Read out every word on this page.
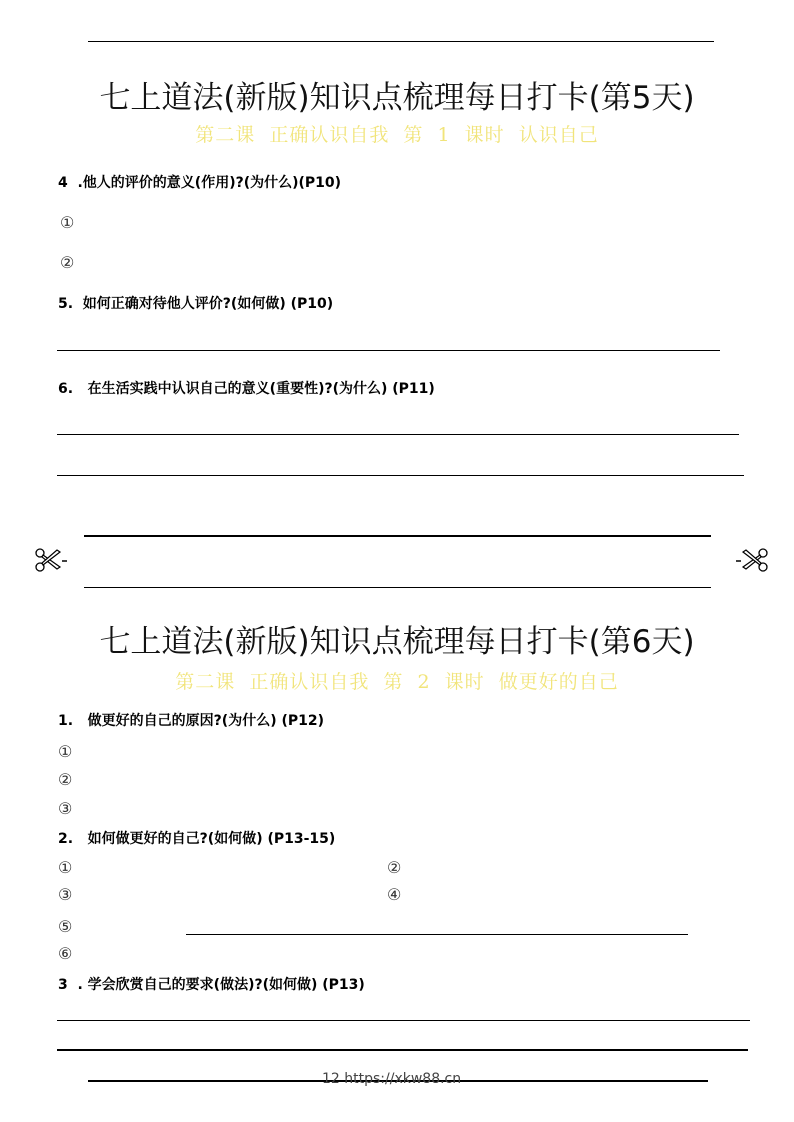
七上道法(新版)知识点梳理每日打卡(第5天)
第二课  正确认识自我  第  1  课时  认识自己
4  .他人的评价的意义(作用)?(为什么)(P10)
①
②
5.  如何正确对待他人评价?(如何做) (P10)
6.   在生活实践中认识自己的意义(重要性)?(为什么) (P11)
七上道法(新版)知识点梳理每日打卡(第6天)
第二课  正确认识自我  第  2  课时  做更好的自己
1.   做更好的自己的原因?(为什么) (P12)
①
②
③
2.   如何做更好的自己?(如何做) (P13-15)
①	②
③	④
⑤
⑥
3  . 学会欣赏自己的要求(做法)?(如何做) (P13)
12 https://xkw88.cn
